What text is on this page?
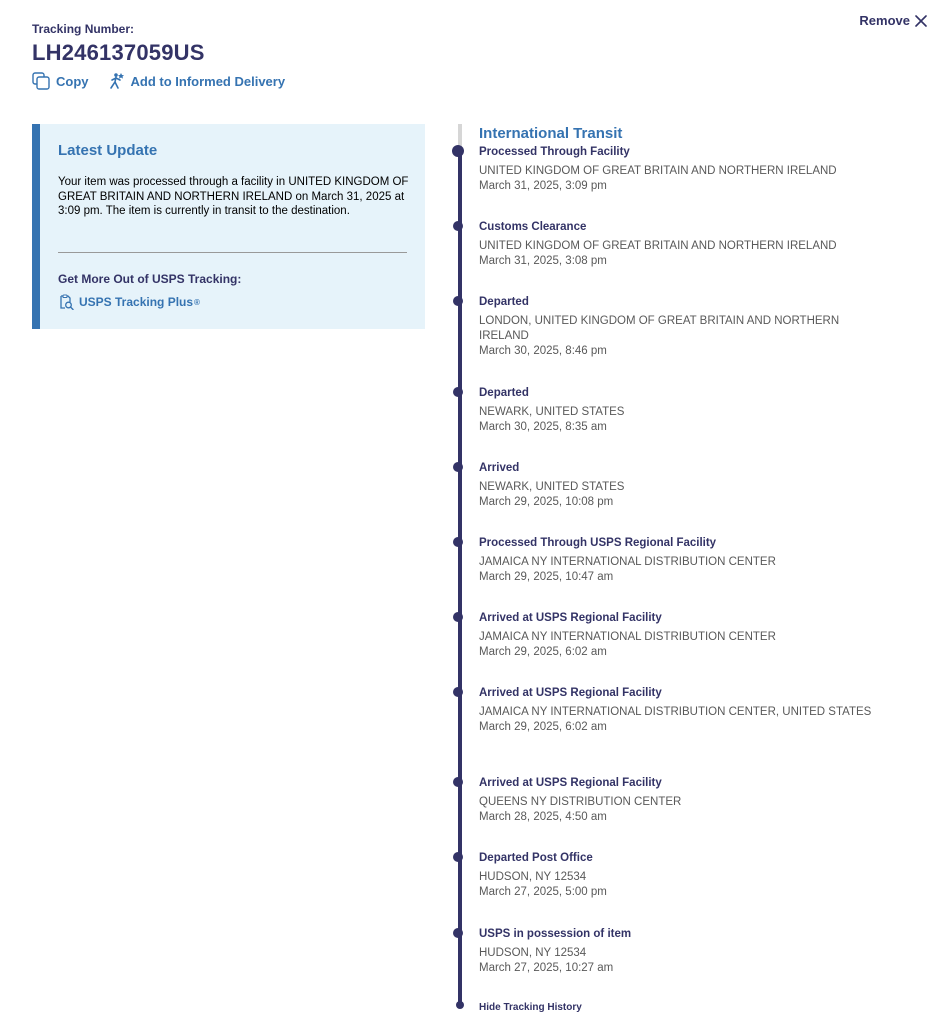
Tracking Number:
LH246137059US
Copy	Add to Informed Delivery
Remove
Latest Update
Your item was processed through a facility in UNITED KINGDOM OF GREAT BRITAIN AND NORTHERN IRELAND on March 31, 2025 at 3:09 pm. The item is currently in transit to the destination.
Get More Out of USPS Tracking:
USPS Tracking Plus ®
International Transit
Processed Through Facility
UNITED KINGDOM OF GREAT BRITAIN AND NORTHERN IRELAND
March 31, 2025, 3:09 pm
Customs Clearance
UNITED KINGDOM OF GREAT BRITAIN AND NORTHERN IRELAND
March 31, 2025, 3:08 pm
Departed
LONDON, UNITED KINGDOM OF GREAT BRITAIN AND NORTHERN IRELAND
March 30, 2025, 8:46 pm
Departed
NEWARK, UNITED STATES
March 30, 2025, 8:35 am
Arrived
NEWARK, UNITED STATES
March 29, 2025, 10:08 pm
Processed Through USPS Regional Facility
JAMAICA NY INTERNATIONAL DISTRIBUTION CENTER
March 29, 2025, 10:47 am
Arrived at USPS Regional Facility
JAMAICA NY INTERNATIONAL DISTRIBUTION CENTER
March 29, 2025, 6:02 am
Arrived at USPS Regional Facility
JAMAICA NY INTERNATIONAL DISTRIBUTION CENTER, UNITED STATES
March 29, 2025, 6:02 am
Arrived at USPS Regional Facility
QUEENS NY DISTRIBUTION CENTER
March 28, 2025, 4:50 am
Departed Post Office
HUDSON, NY 12534
March 27, 2025, 5:00 pm
USPS in possession of item
HUDSON, NY 12534
March 27, 2025, 10:27 am
Hide Tracking History
